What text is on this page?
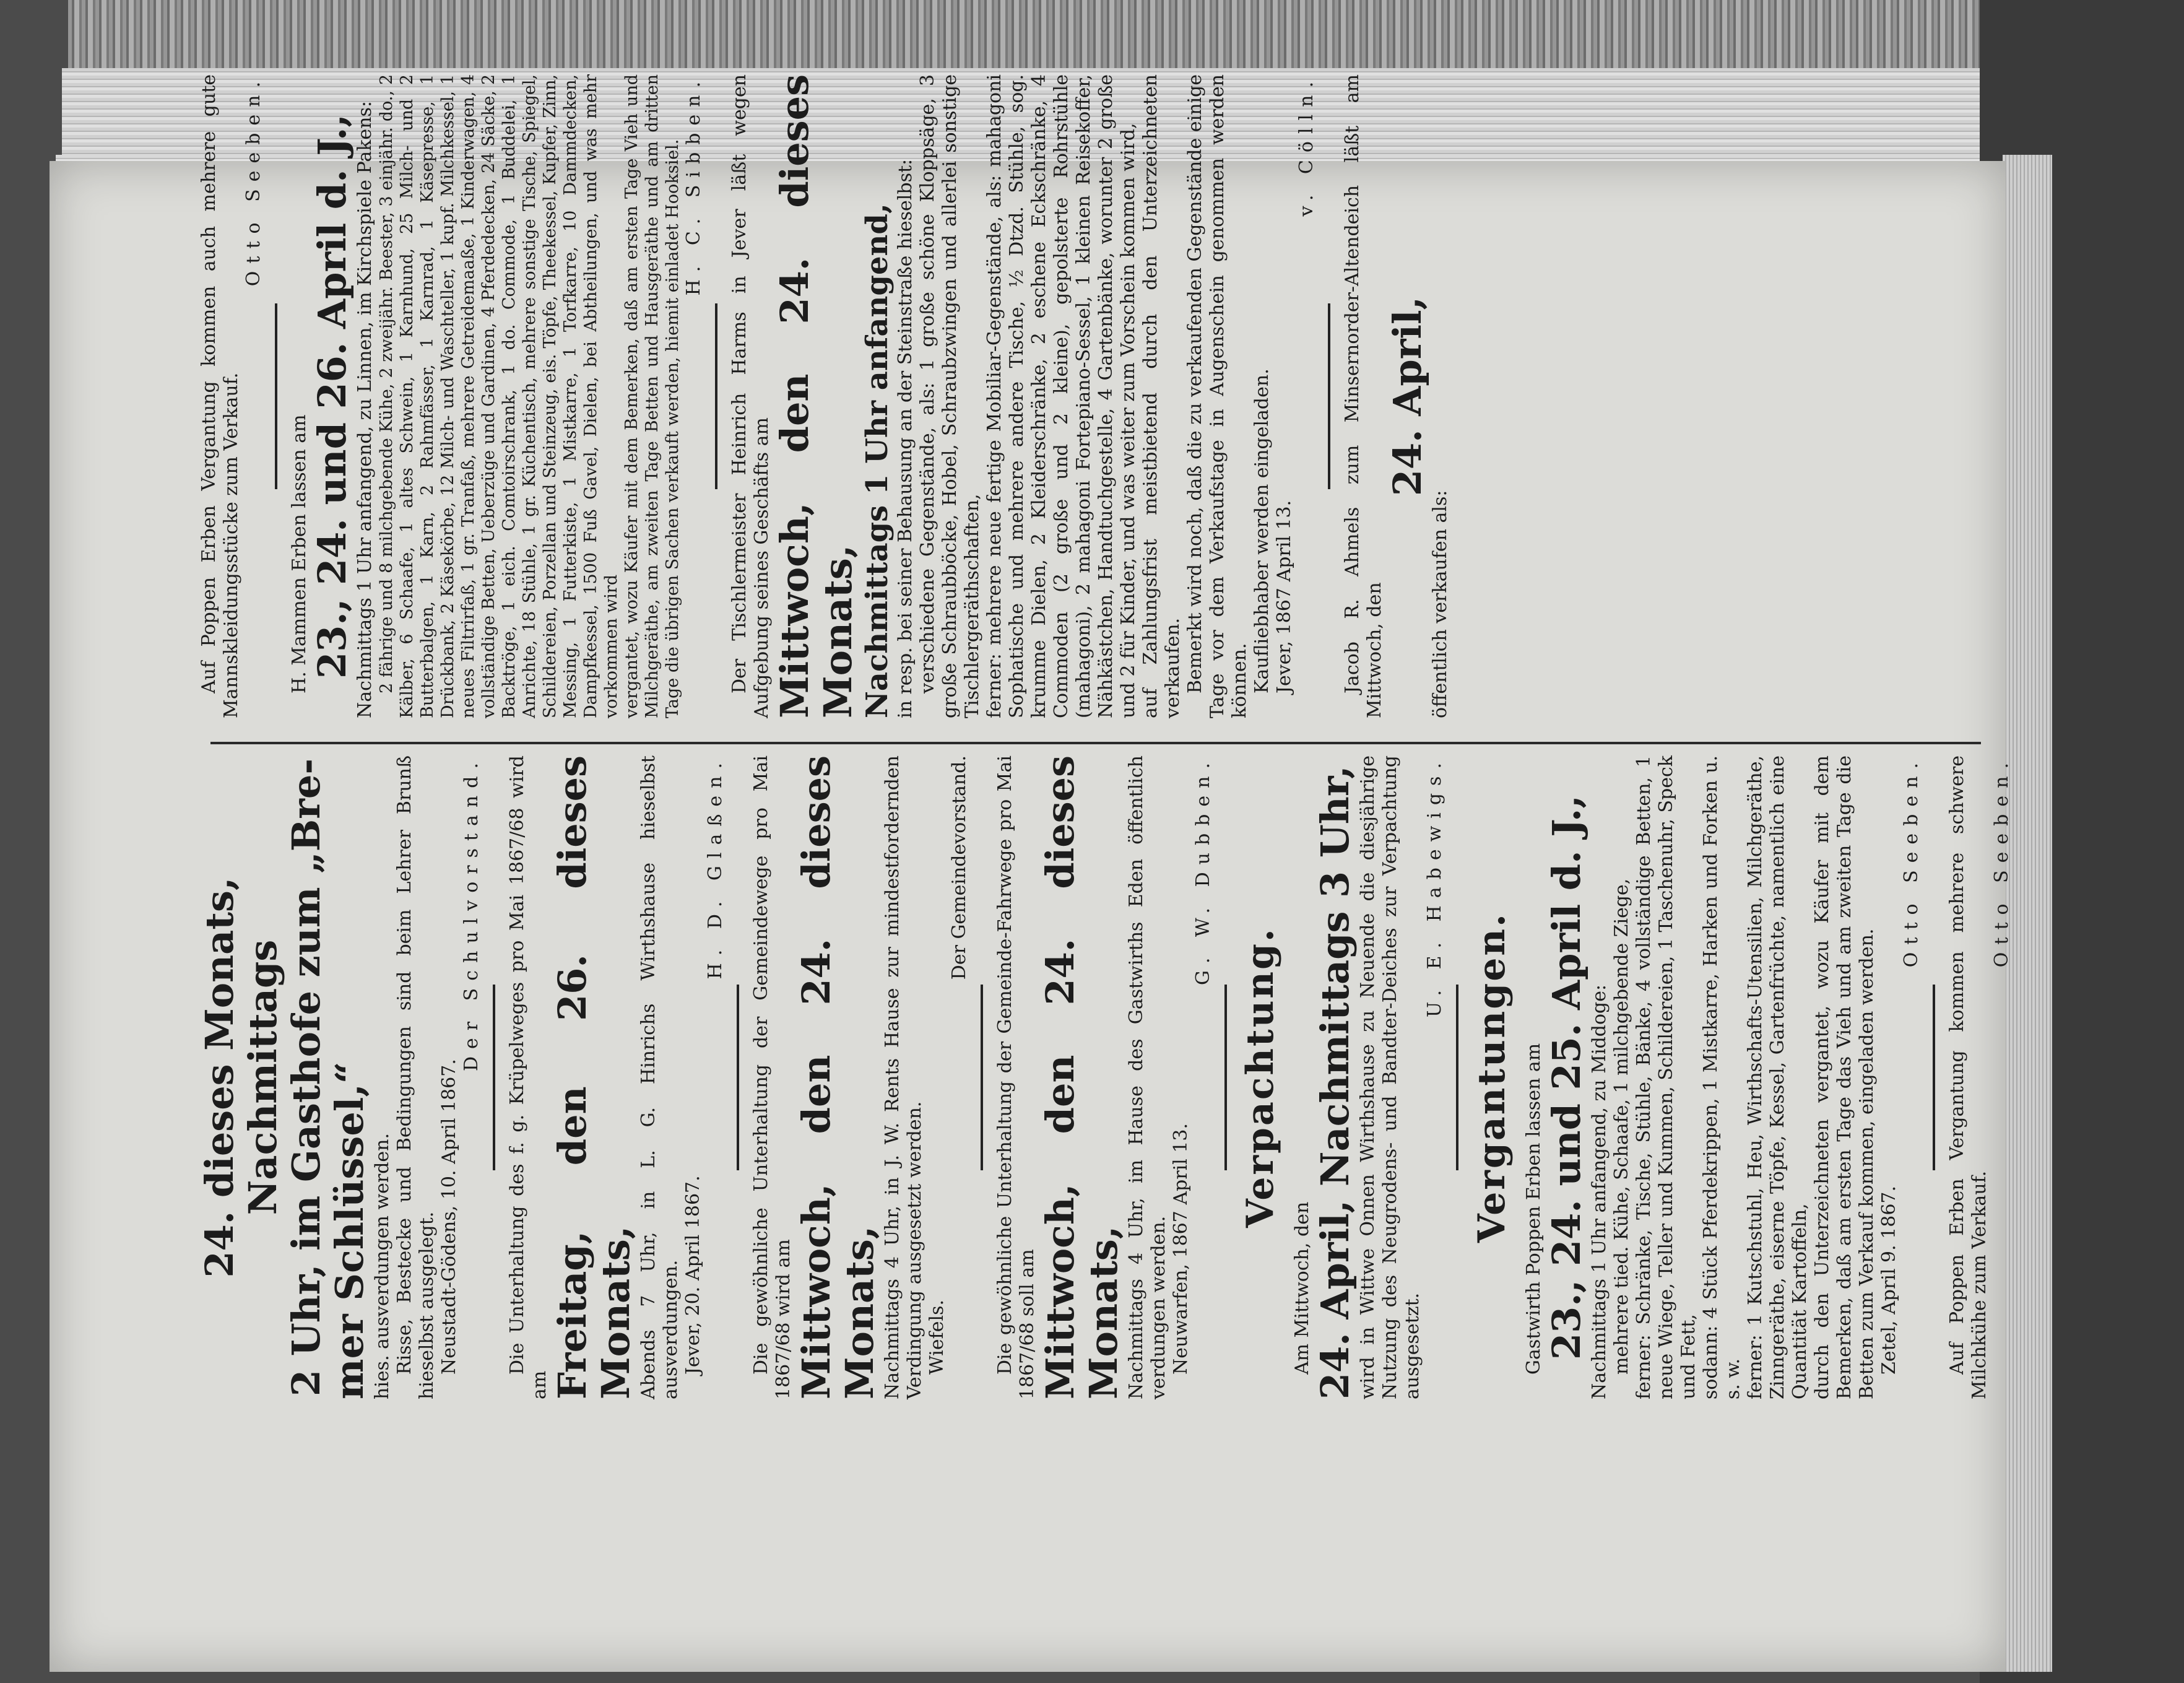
24. dieses Monats, Nachmittags

2 Uhr, im Gasthofe zum „Bre-

mer Schlüssel,“ hies. ausverdungen werden. Risse, Bestecke und Bedingungen sind beim Lehrer Brunß hieselbst ausgelegt. Neustadt-Gödens, 10. April 1867.

Der Schulvorstand. Die Unterhaltung des f. g. Krüpelweges pro Mai 1867/68 wird am Freitag, den 26. dieses Monats, Abends 7 Uhr, in L. G. Hinrichs Wirthshause hieselbst ausverdungen. Jever, 20. April 1867.

H. D. Glaßen. Die gewöhnliche Unterhaltung der Gemeindewege pro Mai 1867/68 wird am Mittwoch, den 24. dieses Monats, Nachmittags 4 Uhr, in J. W. Rents Hause zur mindestfordernden Verdingung ausgesetzt werden. Wiefels.

Der Gemeindevorstand. Die gewöhnliche Unterhaltung der Gemeinde-Fahrwege pro Mai 1867/68 soll am Mittwoch, den 24. dieses Monats, Nachmittags 4 Uhr, im Hause des Gastwirths Eden öffentlich verdungen werden. Neuwarfen, 1867 April 13.

G. W. Dubben.

Verpachtung.

Am Mittwoch, den 24. April, Nachmittags 3 Uhr, wird in Wittwe Onnen Wirthshause zu Neuende die diesjährige Nutzung des Neugrodens- und Bandter-Deiches zur Verpachtung ausgesetzt.

U. E. Habewigs.

Vergantungen. Gastwirth Poppen Erben lassen am 23., 24. und 25. April d. J., Nachmittags 1 Uhr anfangend, zu Middoge: mehrere tied. Kühe, Schaafe, 1 milchgebende Ziege, ferner: Schränke, Tische, Stühle, Bänke, 4 vollständige Betten, 1 neue Wiege, Teller und Kummen, Schildereien, 1 Taschenuhr, Speck und Fett, sodann: 4 Stück Pferdekrippen, 1 Mistkarre, Harken und Forken u. s. w. ferner: 1 Kutschstuhl, Heu, Wirthschafts-Utensilien, Milchgeräthe, Zinngeräthe, eiserne Töpfe, Kessel, Gartenfrüchte, namentlich eine Quantität Kartoffeln, durch den Unterzeichneten vergantet, wozu Käufer mit dem Bemerken, daß am ersten Tage das Vieh und am zweiten Tage die Betten zum Verkauf kommen, eingeladen werden. Zetel, April 9. 1867.

Otto Seeben. Auf Poppen Erben Vergantung kommen mehrere schwere Milchkühe zum Verkauf.

Otto Seeben.

Auf Poppen Erben Vergantung kommen auch mehrere gute Mannskleidungsstücke zum Verkauf.

Otto Seeben.

H. Mammen Erben lassen am 23., 24. und 26. April d. J., Nachmittags 1 Uhr anfangend, zu Linnen, im Kirchspiele Pakens: 2 fährige und 8 milchgebende Kühe, 2 zweijähr. Beester, 3 einjähr. do., 2 Kälber, 6 Schaafe, 1 altes Schwein, 1 Karnhund, 25 Milch- und 2 Butterbalgen, 1 Karn, 2 Rahmfässer, 1 Karnrad, 1 Käsepresse, 1 Drückbank, 2 Käsekörbe, 12 Milch- und Waschteller, 1 kupf. Milchkessel, 1 neues Filtrirfaß, 1 gr. Tranfaß, mehrere Getreidemaaße, 1 Kinderwagen, 4 vollständige Betten, Ueberzüge und Gardinen, 4 Pferdedecken, 24 Säcke, 2 Backtröge, 1 eich. Comtoirschrank, 1 do. Commode, 1 Buddelei, 1 Anrichte, 18 Stühle, 1 gr. Küchentisch, mehrere sonstige Tische, Spiegel, Schildereien, Porzellan und Steinzeug, eis. Töpfe, Theekessel, Kupfer, Zinn, Messing, 1 Futterkiste, 1 Mistkarre, 1 Torfkarre, 10 Dammdecken, Dampfkessel, 1500 Fuß Gavel, Dielen, bei Abtheilungen, und was mehr vorkommen wird vergantet, wozu Käufer mit dem Bemerken, daß am ersten Tage Vieh und Milchgeräthe, am zweiten Tage Betten und Hausgeräthe und am dritten Tage die übrigen Sachen verkauft werden, hiemit einladet Hooksiel. H. C. Sibben. Der Tischlermeister Heinrich Harms in Jever läßt wegen Aufgebung seines Geschäfts am Mittwoch, den 24. dieses Monats, Nachmittags 1 Uhr anfangend, in resp. bei seiner Behausung an der Steinstraße hieselbst: verschiedene Gegenstände, als: 1 große schöne Kloppsäge, 3 große Schraubböcke, Hobel, Schraubzwingen und allerlei sonstige Tischlergeräthschaften, ferner: mehrere neue fertige Mobiliar-Gegenstände, als: mahagoni Sophatische und mehrere andere Tische, ½ Dtzd. Stühle, sog. krumme Dielen, 2 Kleiderschränke, 2 eschene Eckschränke, 4 Commoden (2 große und 2 kleine), gepolsterte Rohrstühle (mahagoni), 2 mahagoni Fortepiano-Sessel, 1 kleinen Reisekoffer, Nähkästchen, Handtuchgestelle, 4 Gartenbänke, worunter 2 große und 2 für Kinder, und was weiter zum Vorschein kommen wird, auf Zahlungsfrist meistbietend durch den Unterzeichneten verkaufen. Bemerkt wird noch, daß die zu verkaufenden Gegenstände einige Tage vor dem Verkaufstage in Augenschein genommen werden können. Kaufliebhaber werden eingeladen. Jever, 1867 April 13.

v. Cölln. Jacob R. Ahmels zum Minsernorder-Altendeich läßt am Mittwoch, den

24. April,

öffentlich verkaufen als:
